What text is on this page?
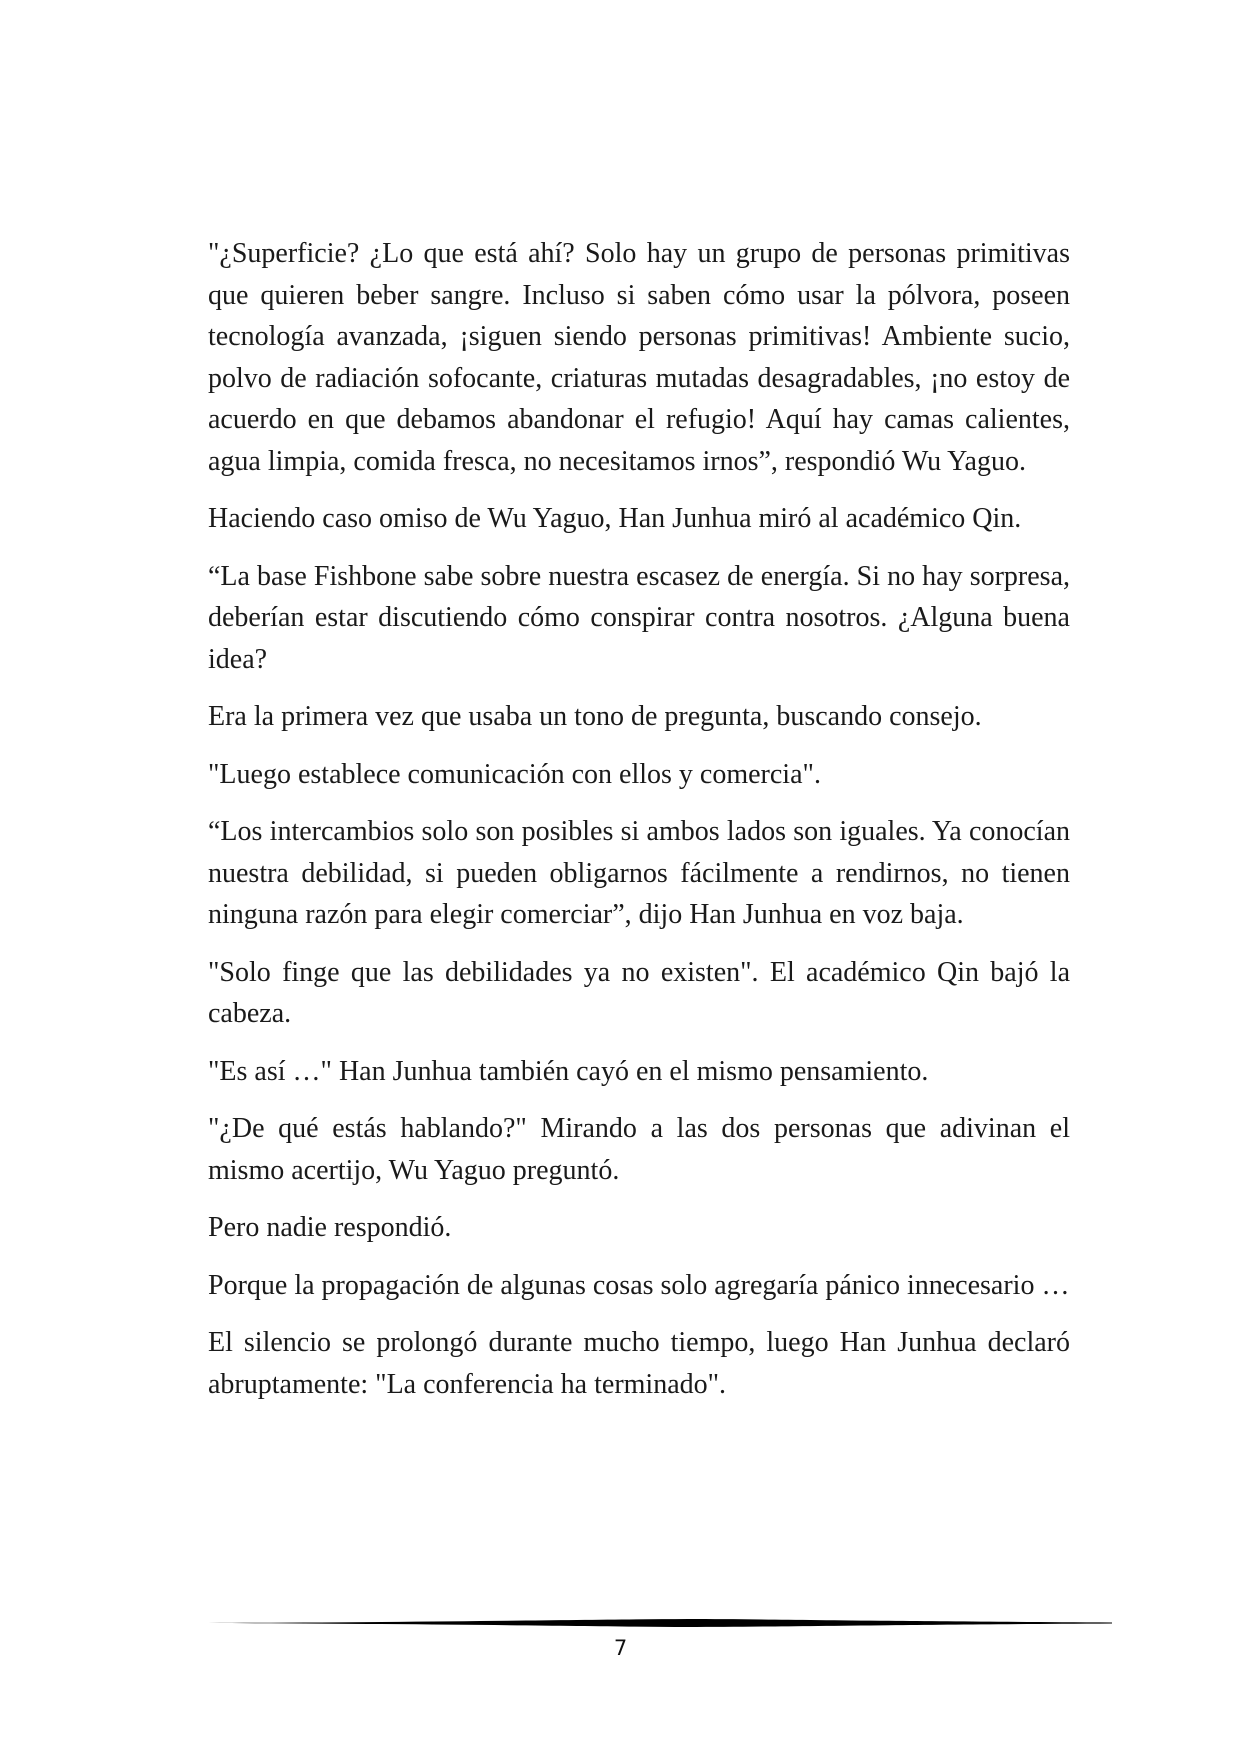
"¿Superficie? ¿Lo que está ahí? Solo hay un grupo de personas primitivas que quieren beber sangre. Incluso si saben cómo usar la pólvora, poseen tecnología avanzada, ¡siguen siendo personas primitivas! Ambiente sucio, polvo de radiación sofocante, criaturas mutadas desagradables, ¡no estoy de acuerdo en que debamos abandonar el refugio! Aquí hay camas calientes, agua limpia, comida fresca, no necesitamos irnos”, respondió Wu Yaguo.

Haciendo caso omiso de Wu Yaguo, Han Junhua miró al académico Qin.

“La base Fishbone sabe sobre nuestra escasez de energía. Si no hay sorpresa, deberían estar discutiendo cómo conspirar contra nosotros. ¿Alguna buena idea?

Era la primera vez que usaba un tono de pregunta, buscando consejo.

"Luego establece comunicación con ellos y comercia".

“Los intercambios solo son posibles si ambos lados son iguales. Ya conocían nuestra debilidad, si pueden obligarnos fácilmente a rendirnos, no tienen ninguna razón para elegir comerciar”, dijo Han Junhua en voz baja.

"Solo finge que las debilidades ya no existen". El académico Qin bajó la cabeza.

"Es así …" Han Junhua también cayó en el mismo pensamiento.

"¿De qué estás hablando?" Mirando a las dos personas que adivinan el mismo acertijo, Wu Yaguo preguntó.

Pero nadie respondió.

Porque la propagación de algunas cosas solo agregaría pánico innecesario …

El silencio se prolongó durante mucho tiempo, luego Han Junhua declaró abruptamente: "La conferencia ha terminado".

7
